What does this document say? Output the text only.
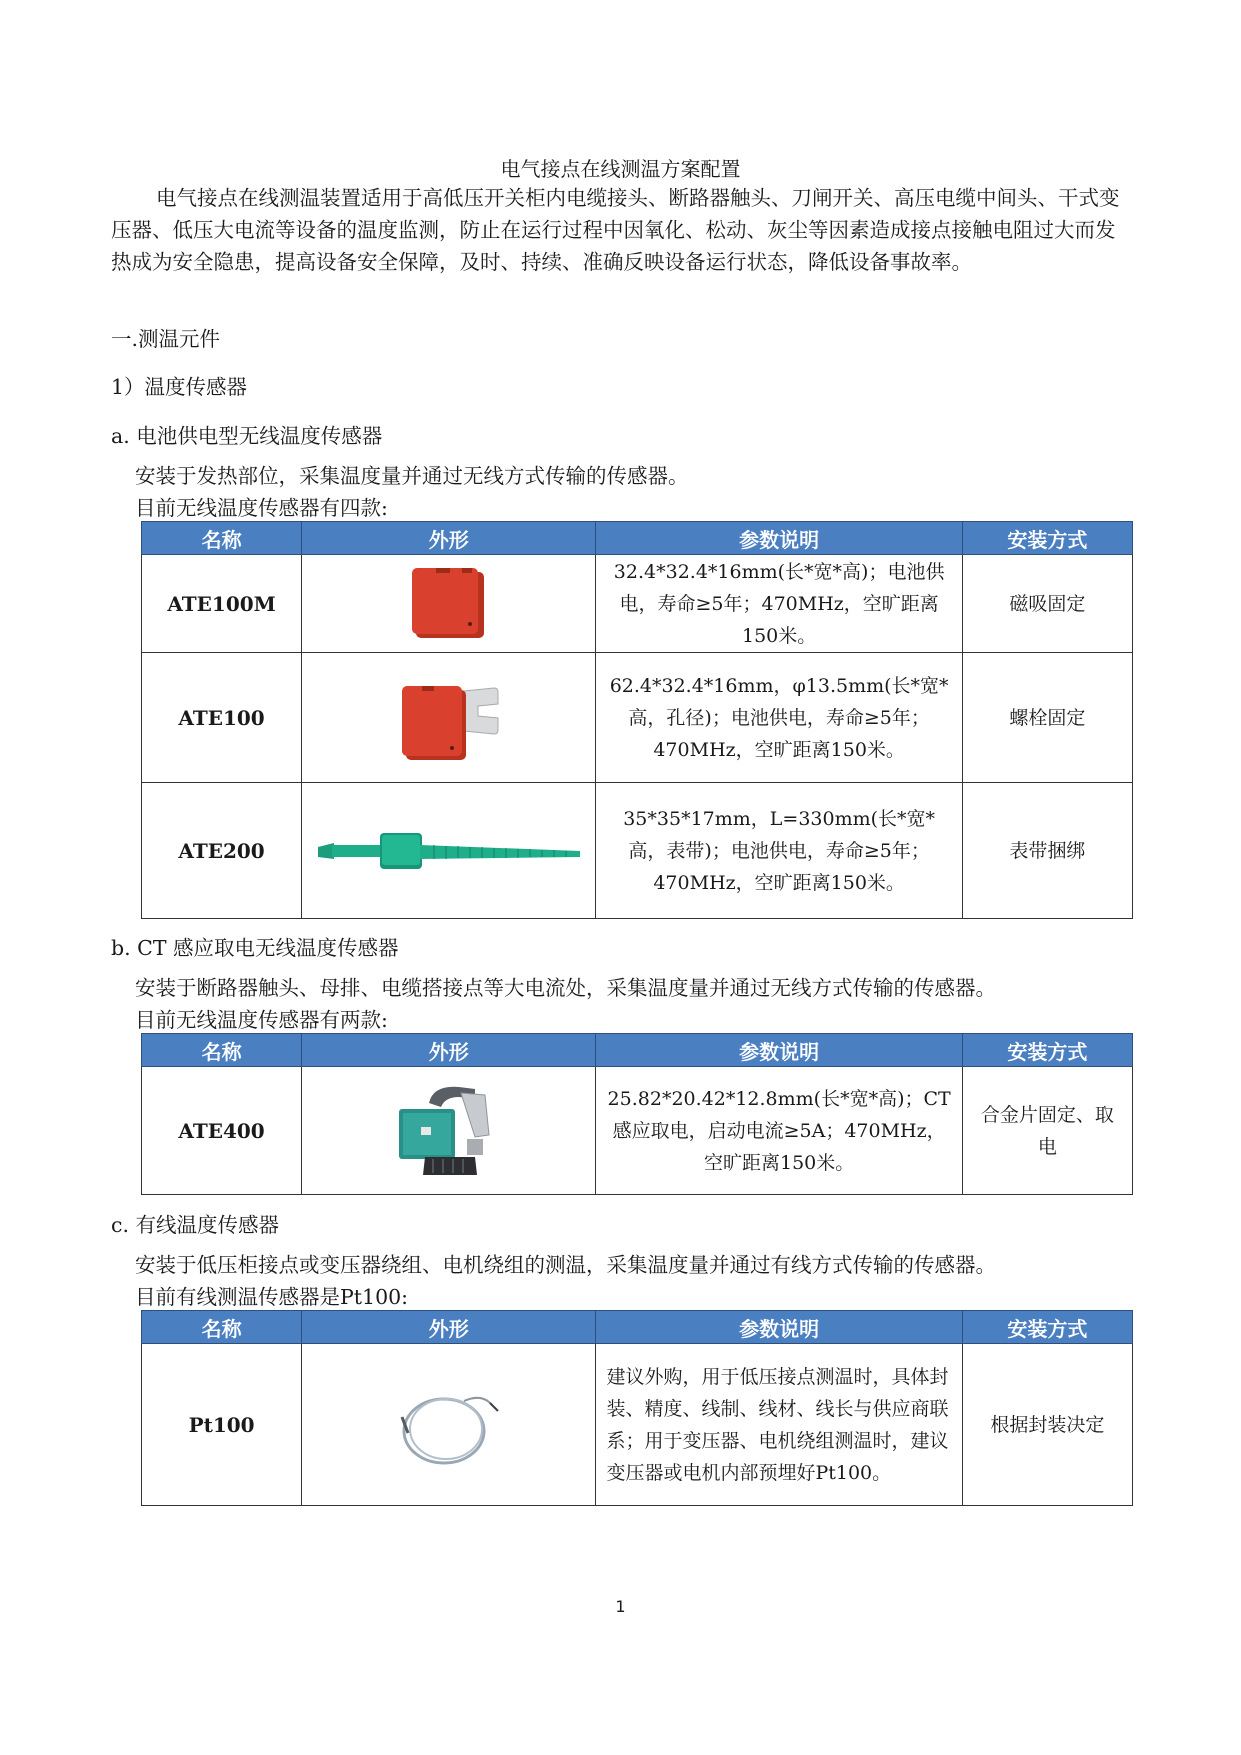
电气接点在线测温方案配置
电气接点在线测温装置适用于高低压开关柜内电缆接头、断路器触头、刀闸开关、高压电缆中间头、干式变压器、低压大电流等设备的温度监测，防止在运行过程中因氧化、松动、灰尘等因素造成接点接触电阻过大而发热成为安全隐患，提高设备安全保障，及时、持续、准确反映设备运行状态，降低设备事故率。
一.测温元件
1）温度传感器
a. 电池供电型无线温度传感器
安装于发热部位，采集温度量并通过无线方式传输的传感器。
目前无线温度传感器有四款:
名称	外形	参数说明	安装方式
ATE100M		32.4*32.4*16mm(长*宽*高)；电池供电，寿命≥5年；470MHz，空旷距离150米。	磁吸固定
ATE100		62.4*32.4*16mm，φ13.5mm(长*宽*高，孔径)；电池供电，寿命≥5年；470MHz，空旷距离150米。	螺栓固定
ATE200		35*35*17mm，L=330mm(长*宽*高，表带)；电池供电，寿命≥5年；470MHz，空旷距离150米。	表带捆绑
b. CT 感应取电无线温度传感器
安装于断路器触头、母排、电缆搭接点等大电流处，采集温度量并通过无线方式传输的传感器。
目前无线温度传感器有两款:
名称	外形	参数说明	安装方式
ATE400		25.82*20.42*12.8mm(长*宽*高)；CT感应取电，启动电流≥5A；470MHz，空旷距离150米。	合金片固定、取电
c. 有线温度传感器
安装于低压柜接点或变压器绕组、电机绕组的测温，采集温度量并通过有线方式传输的传感器。
目前有线测温传感器是Pt100:
名称	外形	参数说明	安装方式
Pt100		建议外购，用于低压接点测温时，具体封装、精度、线制、线材、线长与供应商联系；用于变压器、电机绕组测温时，建议变压器或电机内部预埋好Pt100。	根据封装决定
1
